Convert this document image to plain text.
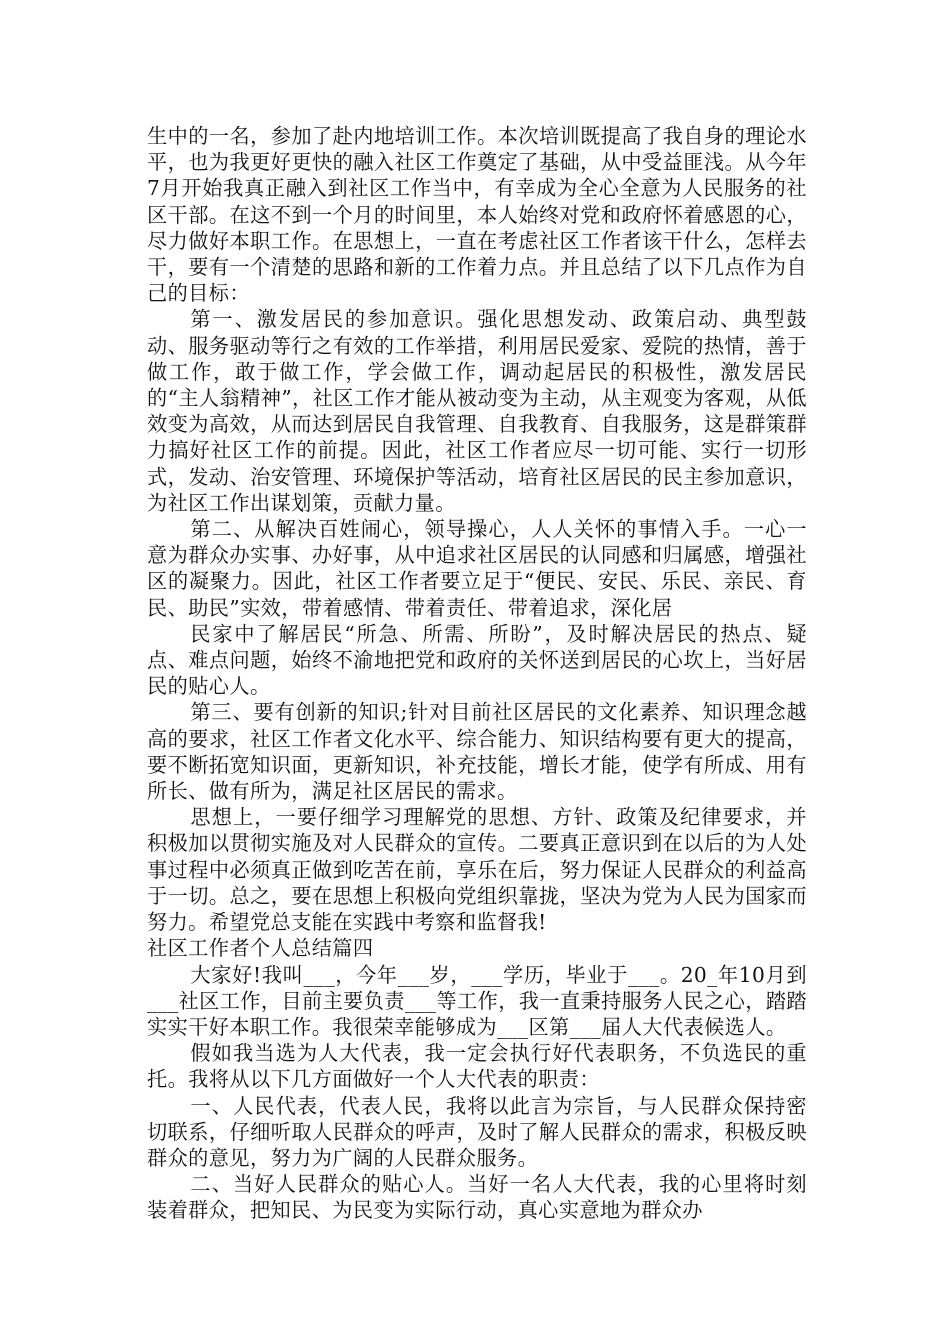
生中的一名，参加了赴内地培训工作。本次培训既提高了我自身的理论水平，也为我更好更快的融入社区工作奠定了基础，从中受益匪浅。从今年7月开始我真正融入到社区工作当中，有幸成为全心全意为人民服务的社区干部。在这不到一个月的时间里，本人始终对党和政府怀着感恩的心，尽力做好本职工作。在思想上，一直在考虑社区工作者该干什么，怎样去干，要有一个清楚的思路和新的工作着力点。并且总结了以下几点作为自己的目标：

第一、激发居民的参加意识。强化思想发动、政策启动、典型鼓动、服务驱动等行之有效的工作举措，利用居民爱家、爱院的热情，善于做工作，敢于做工作，学会做工作，调动起居民的积极性，激发居民的“主人翁精神”，社区工作才能从被动变为主动，从主观变为客观，从低效变为高效，从而达到居民自我管理、自我教育、自我服务，这是群策群力搞好社区工作的前提。因此，社区工作者应尽一切可能、实行一切形式，发动、治安管理、环境保护等活动，培育社区居民的民主参加意识，为社区工作出谋划策，贡献力量。

第二、从解决百姓闹心，领导操心，人人关怀的事情入手。一心一意为群众办实事、办好事，从中追求社区居民的认同感和归属感，增强社区的凝聚力。因此，社区工作者要立足于“便民、安民、乐民、亲民、育民、助民”实效，带着感情、带着责任、带着追求，深化居

民家中了解居民“所急、所需、所盼”，及时解决居民的热点、疑点、难点问题，始终不渝地把党和政府的关怀送到居民的心坎上，当好居民的贴心人。

第三、要有创新的知识;针对目前社区居民的文化素养、知识理念越高的要求，社区工作者文化水平、综合能力、知识结构要有更大的提高，要不断拓宽知识面，更新知识，补充技能，增长才能，使学有所成、用有所长、做有所为，满足社区居民的需求。

思想上，一要仔细学习理解党的思想、方针、政策及纪律要求，并积极加以贯彻实施及对人民群众的宣传。二要真正意识到在以后的为人处事过程中必须真正做到吃苦在前，享乐在后，努力保证人民群众的利益高于一切。总之，要在思想上积极向党组织靠拢，坚决为党为人民为国家而努力。希望党总支能在实践中考察和监督我!

社区工作者个人总结篇四

大家好!我叫___，今年___岁，___学历，毕业于___。20_年10月到___社区工作，目前主要负责___等工作，我一直秉持服务人民之心，踏踏实实干好本职工作。我很荣幸能够成为___区第___届人大代表候选人。

假如我当选为人大代表，我一定会执行好代表职务，不负选民的重托。我将从以下几方面做好一个人大代表的职责：

一、人民代表，代表人民，我将以此言为宗旨，与人民群众保持密切联系，仔细听取人民群众的呼声，及时了解人民群众的需求，积极反映群众的意见，努力为广阔的人民群众服务。

二、当好人民群众的贴心人。当好一名人大代表，我的心里将时刻装着群众，把知民、为民变为实际行动，真心实意地为群众办
